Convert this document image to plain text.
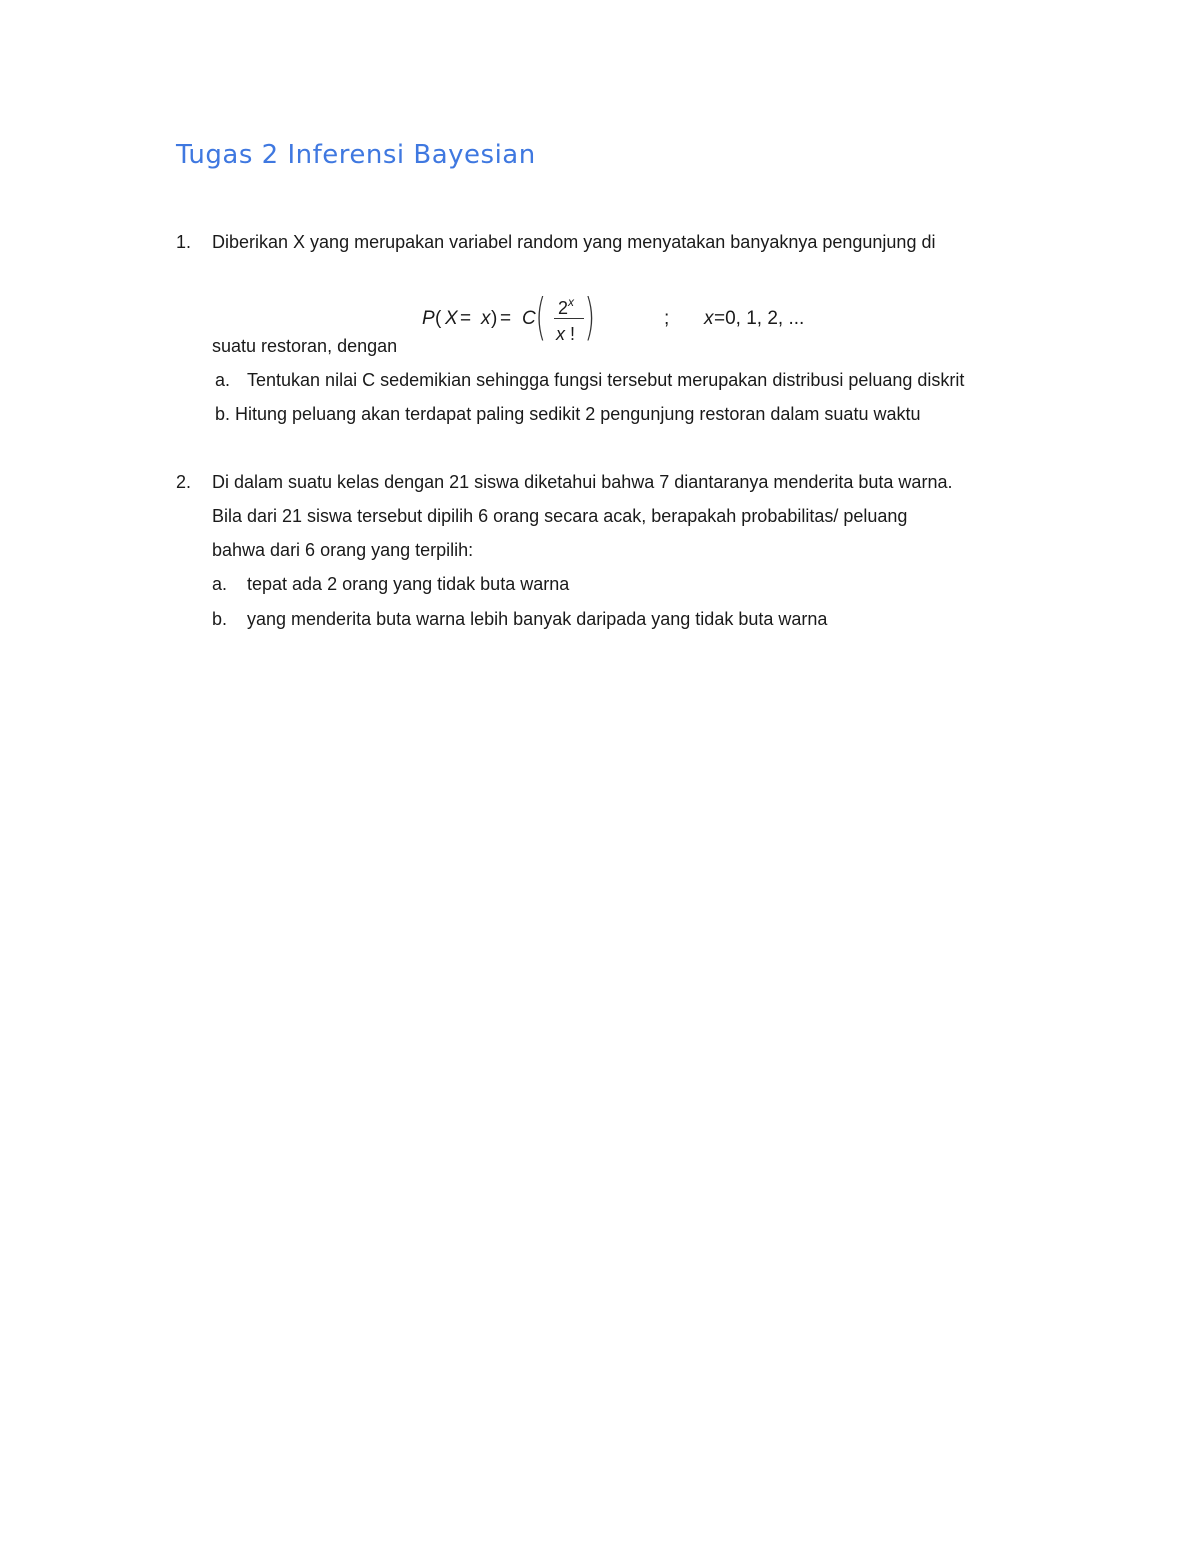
Tugas 2 Inferensi Bayesian
1. Diberikan X yang merupakan variabel random yang menyatakan banyaknya pengunjung di
P ( X = x ) = C ( 2$^x$
x ! )	; x =0, 1, 2, ...
suatu restoran, dengan
a. Tentukan nilai C sedemikian sehingga fungsi tersebut merupakan distribusi peluang diskrit
b. Hitung peluang akan terdapat paling sedikit 2 pengunjung restoran dalam suatu waktu
2. Di dalam suatu kelas dengan 21 siswa diketahui bahwa 7 diantaranya menderita buta warna.
Bila dari 21 siswa tersebut dipilih 6 orang secara acak, berapakah probabilitas/ peluang
bahwa dari 6 orang yang terpilih:
a. tepat ada 2 orang yang tidak buta warna
b. yang menderita buta warna lebih banyak daripada yang tidak buta warna
